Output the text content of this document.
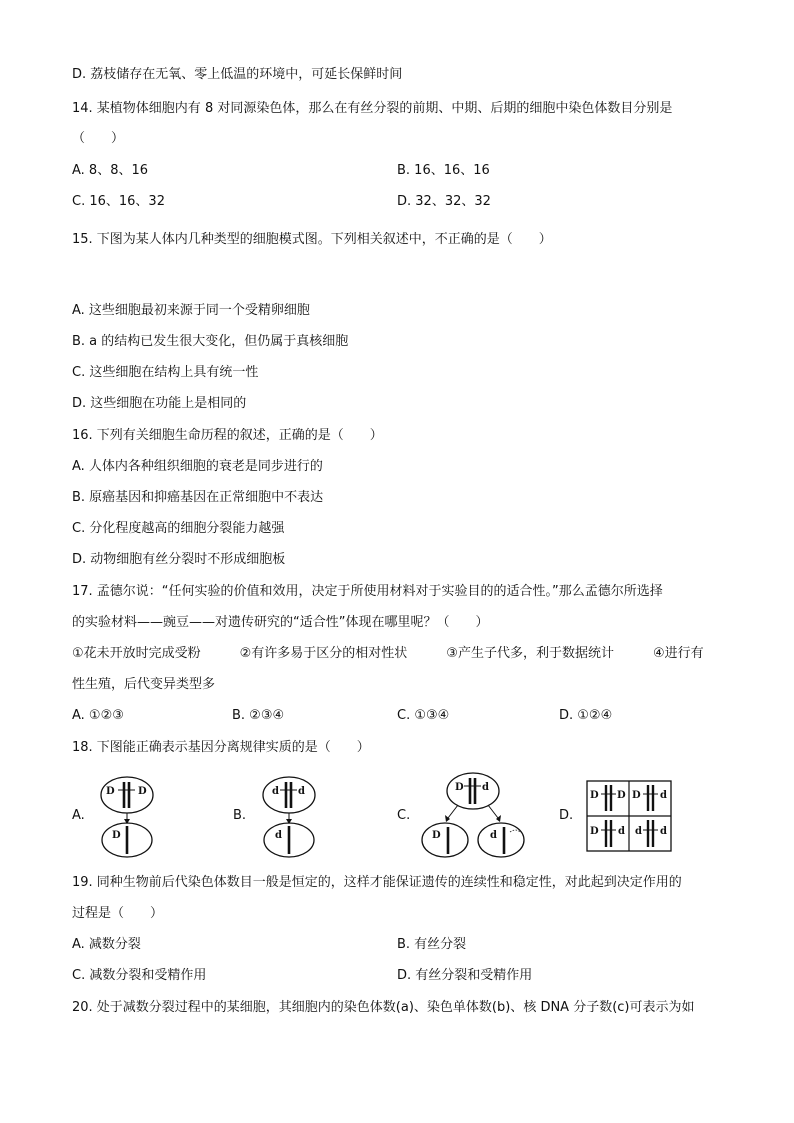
D. 荔枝储存在无氧、零上低温的环境中，可延长保鲜时间
14. 某植物体细胞内有 8 对同源染色体，那么在有丝分裂的前期、中期、后期的细胞中染色体数目分别是
（　　）
A. 8、8、16	B. 16、16、16
C. 16、16、32	D. 32、32、32
15. 下图为某人体内几种类型的细胞模式图。下列相关叙述中，不正确的是（　　）
A. 这些细胞最初来源于同一个受精卵细胞
B. a 的结构已发生很大变化，但仍属于真核细胞
C. 这些细胞在结构上具有统一性
D. 这些细胞在功能上是相同的
16. 下列有关细胞生命历程的叙述，正确的是（　　）
A. 人体内各种组织细胞的衰老是同步进行的
B. 原癌基因和抑癌基因在正常细胞中不表达
C. 分化程度越高的细胞分裂能力越强
D. 动物细胞有丝分裂时不形成细胞板
17. 孟德尔说：“任何实验的价值和效用，决定于所使用材料对于实验目的的适合性。”那么孟德尔所选择
的实验材料——豌豆——对遗传研究的“适合性”体现在哪里呢？（　　）
①花未开放时完成受粉　　　②有许多易于区分的相对性状　　　③产生子代多，利于数据统计　　　④进行有
性生殖，后代变异类型多
A. ①②③	B. ②③④	C. ①③④	D. ①②④
18. 下图能正确表示基因分离规律实质的是（　　）
A.	B.	C.	D.
D D
D
d d
d
D d
D	d
D D D d
D d d d
19. 同种生物前后代染色体数目一般是恒定的，这样才能保证遗传的连续性和稳定性，对此起到决定作用的
过程是（　　）
A. 减数分裂	B. 有丝分裂
C. 减数分裂和受精作用	D. 有丝分裂和受精作用
20. 处于减数分裂过程中的某细胞，其细胞内的染色体数(a)、染色单体数(b)、核 DNA 分子数(c)可表示为如
